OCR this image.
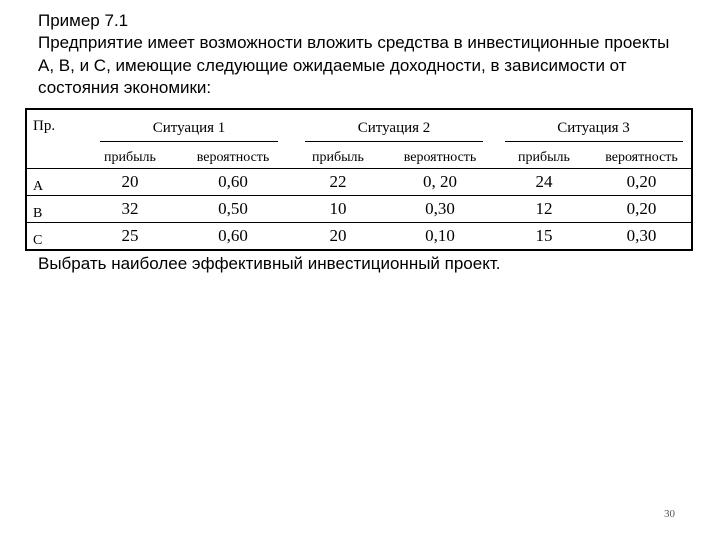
Пример 7.1

Предприятие имеет возможности вложить средства в инвестиционные проекты А, В, и С, имеющие следующие ожидаемые доходности, в зависимости от состояния экономики:

Пр.	Ситуация 1		Ситуация 2		Ситуация 3	
	прибыль	вероятность	прибыль	вероятность	прибыль	вероятность
А	20	0,60	22	0, 20	24	0,20
В	32	0,50	10	0,30	12	0,20
С	25	0,60	20	0,10	15	0,30

Выбрать наиболее эффективный инвестиционный проект.

30
